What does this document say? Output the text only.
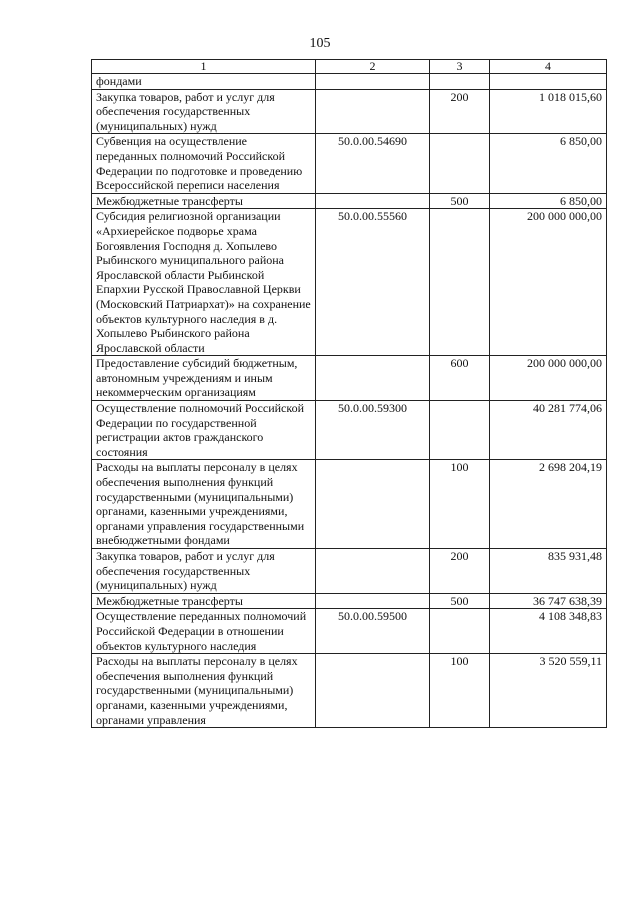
105
1	2	3	4
фондами			
Закупка товаров, работ и услуг для обеспечения государственных (муниципальных) нужд		200	1 018 015,60
Субвенция на осуществление переданных полномочий Российской Федерации по подготовке и проведению Всероссийской переписи населения	50.0.00.54690		6 850,00
Межбюджетные трансферты		500	6 850,00
Субсидия религиозной организации «Архиерейское подворье храма Богоявления Господня д. Хопылево Рыбинского муниципального района Ярославской области Рыбинской Епархии Русской Православной Церкви (Московский Патриархат)» на сохранение объектов культурного наследия в д. Хопылево Рыбинского района Ярославской области	50.0.00.55560		200 000 000,00
Предоставление субсидий бюджетным, автономным учреждениям и иным некоммерческим организациям		600	200 000 000,00
Осуществление полномочий Российской Федерации по государственной регистрации актов гражданского состояния	50.0.00.59300		40 281 774,06
Расходы на выплаты персоналу в целях обеспечения выполнения функций государственными (муниципальными) органами, казенными учреждениями, органами управления государственными внебюджетными фондами		100	2 698 204,19
Закупка товаров, работ и услуг для обеспечения государственных (муниципальных) нужд		200	835 931,48
Межбюджетные трансферты		500	36 747 638,39
Осуществление переданных полномочий Российской Федерации в отношении объектов культурного наследия	50.0.00.59500		4 108 348,83
Расходы на выплаты персоналу в целях обеспечения выполнения функций государственными (муниципальными) органами, казенными учреждениями, органами управления		100	3 520 559,11
